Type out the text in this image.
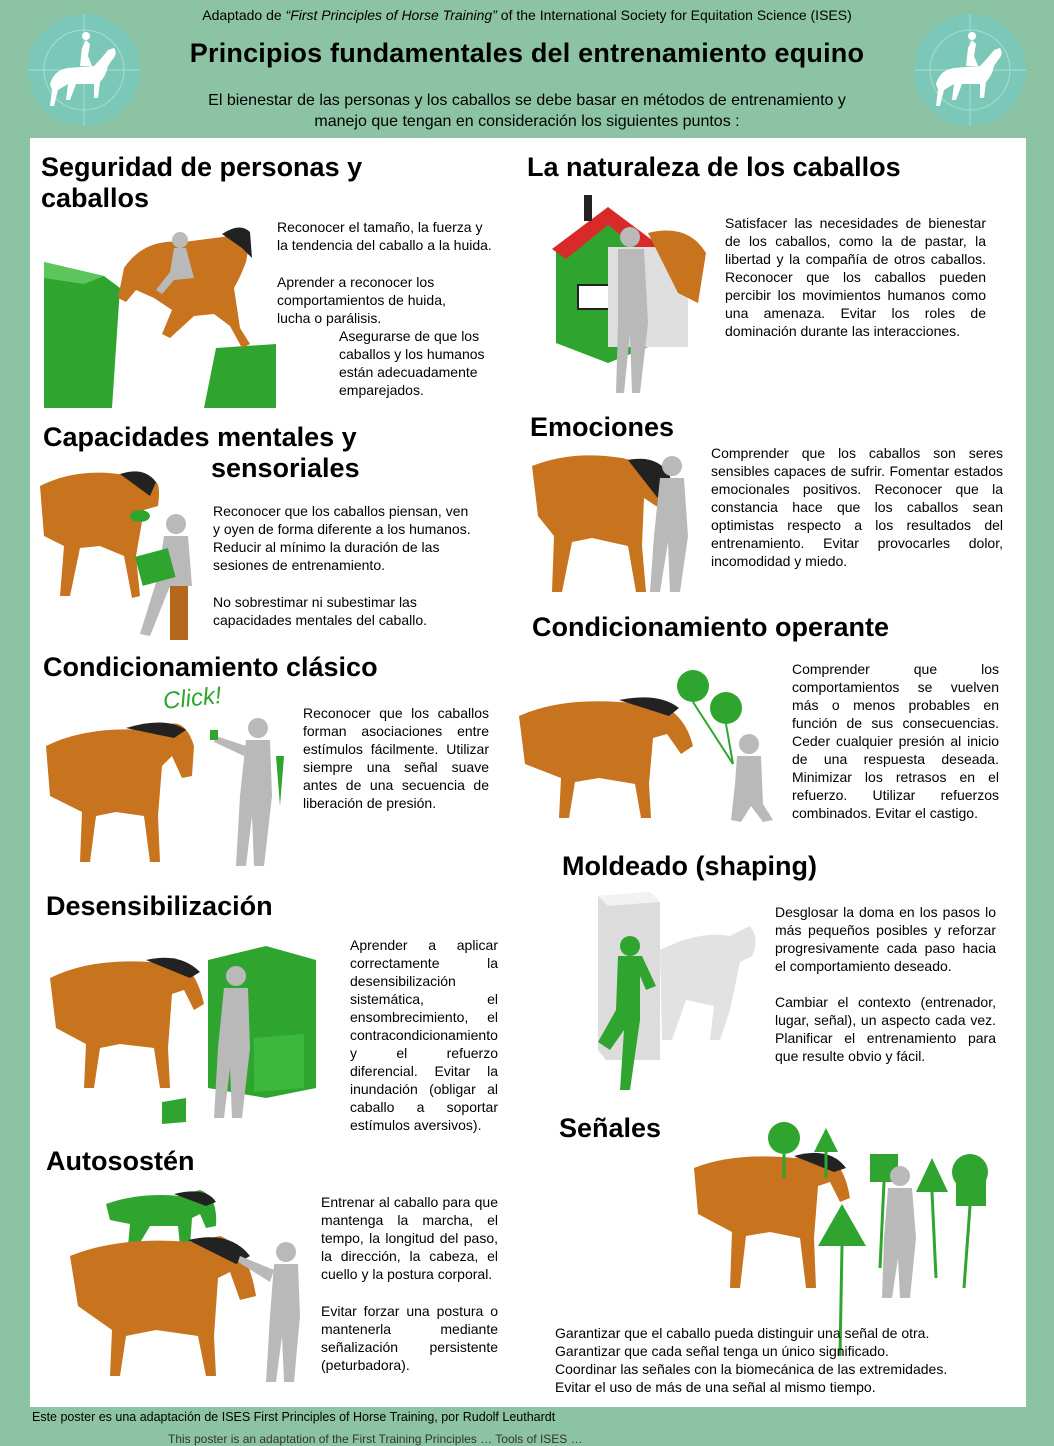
Adaptado de “First Principles of Horse Training” of the International Society for Equitation Science (ISES)
Principios fundamentales del entrenamiento equino
El bienestar de las personas y los caballos se debe basar en métodos de entrenamiento y
manejo que tengan en consideración los siguientes puntos :
Seguridad de personas y
caballos
Reconocer el tamaño, la fuerza y la tendencia del caballo a la huida.
Aprender a reconocer los comportamientos de huida, lucha o parálisis.
Asegurarse de que los caballos y los humanos están adecuadamente emparejados.
La naturaleza de los caballos
Satisfacer las necesidades de bienestar de los caballos, como la de pastar, la libertad y la compañía de otros caballos. Reconocer que los caballos pueden percibir los movimientos humanos como una amenaza. Evitar los roles de dominación durante las interacciones.
Capacidades mentales y
sensoriales
Reconocer que los caballos piensan, ven y oyen de forma diferente a los humanos. Reducir al mínimo la duración de las sesiones de entrenamiento.
No sobrestimar ni subestimar las capacidades mentales del caballo.
Emociones
Comprender que los caballos son seres sensibles capaces de sufrir. Fomentar estados emocionales positivos. Reconocer que la constancia hace que los caballos sean optimistas respecto a los resultados del entrenamiento. Evitar provocarles dolor, incomodidad y miedo.
Condicionamiento clásico
Click!	Reconocer que los caballos forman asociaciones entre estímulos fácilmente. Utilizar siempre una señal suave antes de una secuencia de liberación de presión.
Condicionamiento operante
Comprender que los comportamientos se vuelven más o menos probables en función de sus consecuencias. Ceder cualquier presión al inicio de una respuesta deseada. Minimizar los retrasos en el refuerzo. Utilizar refuerzos combinados. Evitar el castigo.
Desensibilización
Aprender a aplicar correctamente la desensibilización sistemática, el ensombrecimiento, el contracondicionamiento y el refuerzo diferencial. Evitar la inundación (obligar al caballo a soportar estímulos aversivos).
Moldeado (shaping)
Desglosar la doma en los pasos lo más pequeños posibles y reforzar progresivamente cada paso hacia el comportamiento deseado.
Cambiar el contexto (entrenador, lugar, señal), un aspecto cada vez. Planificar el entrenamiento para que resulte obvio y fácil.
Autosostén
Entrenar al caballo para que mantenga la marcha, el tempo, la longitud del paso, la dirección, la cabeza, el cuello y la postura corporal.
Evitar forzar una postura o mantenerla mediante señalización persistente (peturbadora).
Señales
Garantizar que el caballo pueda distinguir una señal de otra.
Garantizar que cada señal tenga un único significado.
Coordinar las señales con la biomecánica de las extremidades.
Evitar el uso de más de una señal al mismo tiempo.
Este poster es una adaptación de ISES First Principles of Horse Training, por Rudolf Leuthardt
This poster is an adaptation of the First Training Principles … Tools of ISES …
